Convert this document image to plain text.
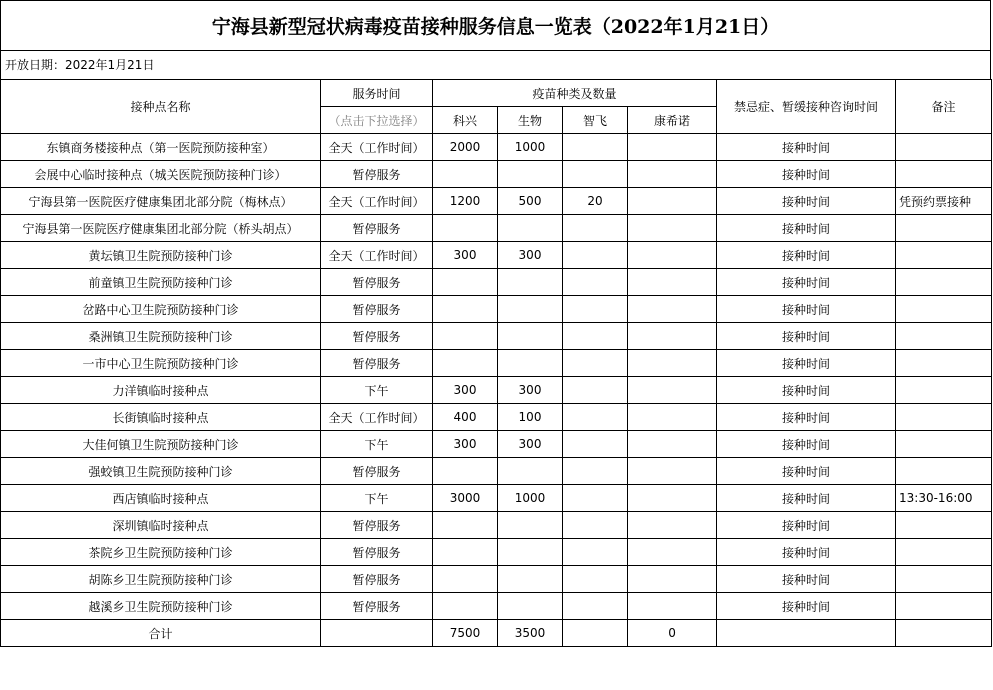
宁海县新型冠状病毒疫苗接种服务信息一览表（2022年1月21日）
开放日期：2022年1月21日
接种点名称	服务时间	疫苗种类及数量				禁忌症、暂缓接种咨询时间	备注
	（点击下拉选择）	科兴	生物	智飞	康希诺		
东镇商务楼接种点（第一医院预防接种室）	全天（工作时间）	2000	1000			接种时间	
会展中心临时接种点（城关医院预防接种门诊）	暂停服务					接种时间	
宁海县第一医院医疗健康集团北部分院（梅林点）	全天（工作时间）	1200	500	20		接种时间	凭预约票接种
宁海县第一医院医疗健康集团北部分院（桥头胡点）	暂停服务					接种时间	
黄坛镇卫生院预防接种门诊	全天（工作时间）	300	300			接种时间	
前童镇卫生院预防接种门诊	暂停服务					接种时间	
岔路中心卫生院预防接种门诊	暂停服务					接种时间	
桑洲镇卫生院预防接种门诊	暂停服务					接种时间	
一市中心卫生院预防接种门诊	暂停服务					接种时间	
力洋镇临时接种点	下午	300	300			接种时间	
长街镇临时接种点	全天（工作时间）	400	100			接种时间	
大佳何镇卫生院预防接种门诊	下午	300	300			接种时间	
强蛟镇卫生院预防接种门诊	暂停服务					接种时间	
西店镇临时接种点	下午	3000	1000			接种时间	13:30-16:00
深圳镇临时接种点	暂停服务					接种时间	
茶院乡卫生院预防接种门诊	暂停服务					接种时间	
胡陈乡卫生院预防接种门诊	暂停服务					接种时间	
越溪乡卫生院预防接种门诊	暂停服务					接种时间	
合计		7500	3500		0		
